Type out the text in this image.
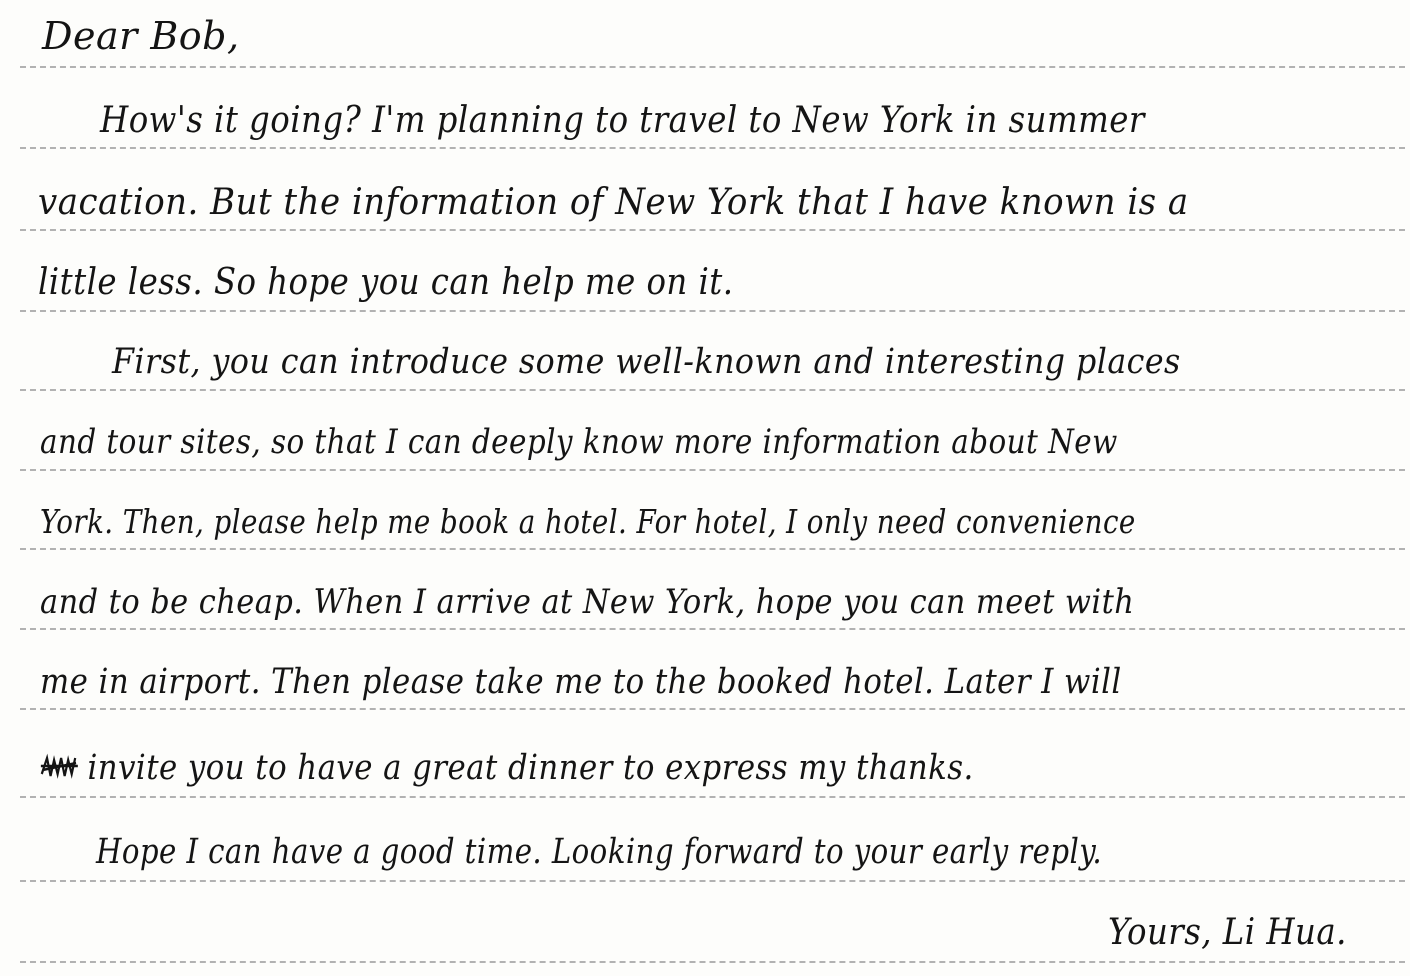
Dear Bob,
How's it going? I'm planning to travel to New York in summer
vacation. But the information of New York that I have known is a
little less. So hope you can help me on it.
First, you can introduce some well-known and interesting places
and tour sites, so that I can deeply know more information about New
York. Then, please help me book a hotel. For hotel, I only need convenience
and to be cheap. When I arrive at New York, hope you can meet with
me in airport. Then please take me to the booked hotel. Later I will
invite you to have a great dinner to express my thanks.
Hope I can have a good time. Looking forward to your early reply.
Yours, Li Hua.
